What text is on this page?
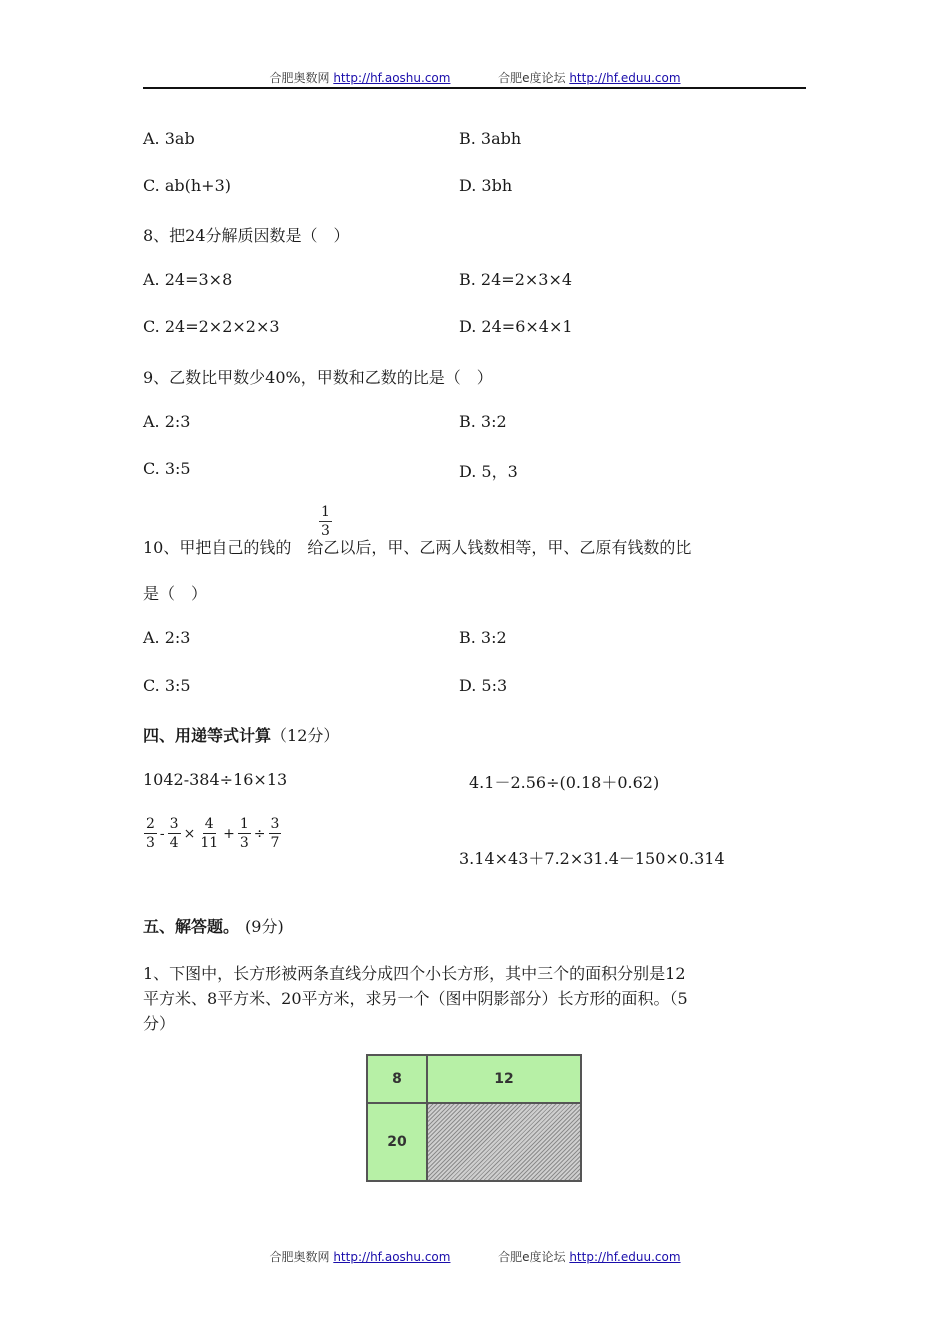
合肥奥数网 http://hf.aoshu.com	合肥e度论坛 http://hf.eduu.com
A. 3ab	B. 3abh
C. ab(h+3)	D. 3bh
8、把24分解质因数是（　）
A. 24=3×8	B. 24=2×3×4
C. 24=2×2×2×3	D. 24=6×4×1
9、乙数比甲数少40%，甲数和乙数的比是（　）
A. 2:3	B. 3:2
C. 3:5	D. 5，3
10、甲把自己的钱的 给乙以后，甲、乙两人钱数相等，甲、乙原有钱数的比
$\frac{1}{3}$
是（　）
A. 2:3	B. 3:2
C. 3:5	D. 5:3
四、用递等式计算（12分）
1042-384÷16×13	4.1－2.56÷(0.18＋0.62)
$\frac{2}{3} - \frac{3}{4} \times \frac{4}{11} + \frac{1}{3} \div \frac{3}{7}$
3.14×43＋7.2×31.4－150×0.314
五、解答题。 (9分)
1、下图中，长方形被两条直线分成四个小长方形，其中三个的面积分别是12
平方米、8平方米、20平方米，求另一个（图中阴影部分）长方形的面积。（5
分）
8	12
20
合肥奥数网 http://hf.aoshu.com	合肥e度论坛 http://hf.eduu.com
